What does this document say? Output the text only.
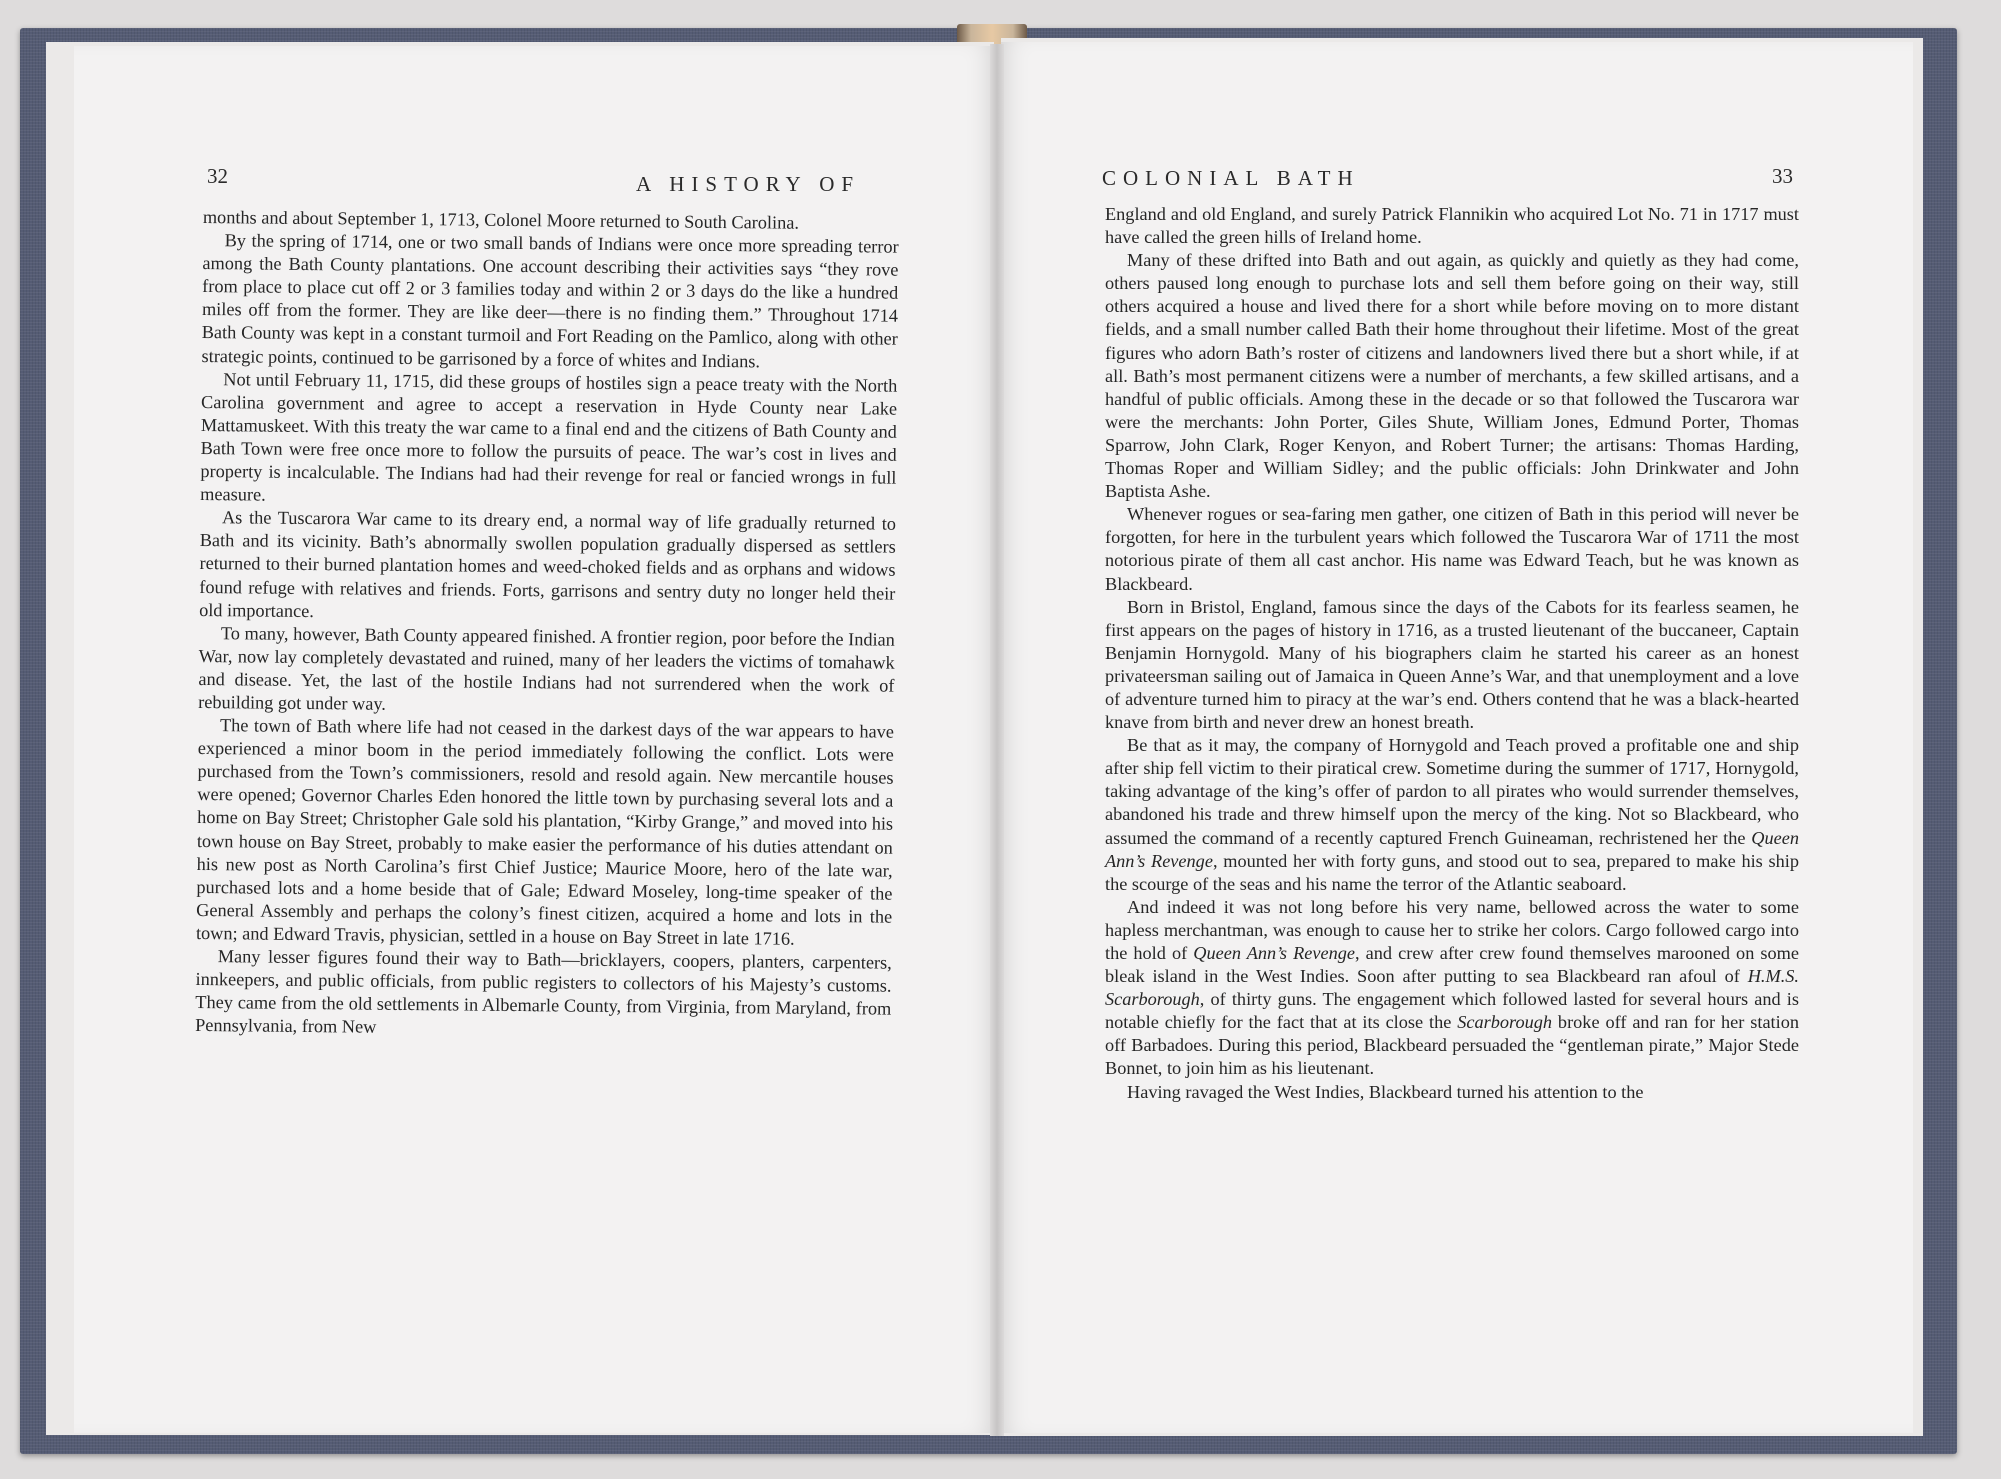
32	A HISTORY OF	COLONIAL BATH	33

months and about September 1, 1713, Colonel Moore returned to South Carolina.

By the spring of 1714, one or two small bands of Indians were once more spreading terror among the Bath County plantations. One account describing their activities says “they rove from place to place cut off 2 or 3 families today and within 2 or 3 days do the like a hundred miles off from the former. They are like deer—there is no finding them.” Throughout 1714 Bath County was kept in a constant turmoil and Fort Reading on the Pamlico, along with other strategic points, continued to be garrisoned by a force of whites and Indians.

Not until February 11, 1715, did these groups of hostiles sign a peace treaty with the North Carolina government and agree to accept a reservation in Hyde County near Lake Mattamuskeet. With this treaty the war came to a final end and the citizens of Bath County and Bath Town were free once more to follow the pursuits of peace. The war’s cost in lives and property is incalculable. The Indians had had their revenge for real or fancied wrongs in full measure.

As the Tuscarora War came to its dreary end, a normal way of life gradually returned to Bath and its vicinity. Bath’s abnormally swollen population gradually dispersed as settlers returned to their burned plantation homes and weed-choked fields and as orphans and widows found refuge with relatives and friends. Forts, garrisons and sentry duty no longer held their old importance.

To many, however, Bath County appeared finished. A frontier region, poor before the Indian War, now lay completely devastated and ruined, many of her leaders the victims of tomahawk and disease. Yet, the last of the hostile Indians had not surrendered when the work of rebuilding got under way.

The town of Bath where life had not ceased in the darkest days of the war appears to have experienced a minor boom in the period immediately following the conflict. Lots were purchased from the Town’s commissioners, resold and resold again. New mercantile houses were opened; Governor Charles Eden honored the little town by purchasing several lots and a home on Bay Street; Christopher Gale sold his plantation, “Kirby Grange,” and moved into his town house on Bay Street, probably to make easier the performance of his duties attendant on his new post as North Carolina’s first Chief Justice; Maurice Moore, hero of the late war, purchased lots and a home beside that of Gale; Edward Moseley, long-time speaker of the General Assembly and perhaps the colony’s finest citizen, acquired a home and lots in the town; and Edward Travis, physician, settled in a house on Bay Street in late 1716.

Many lesser figures found their way to Bath—bricklayers, coopers, planters, carpenters, innkeepers, and public officials, from public registers to collectors of his Majesty’s customs. They came from the old settlements in Albemarle County, from Virginia, from Maryland, from Pennsylvania, from New

England and old England, and surely Patrick Flannikin who acquired Lot No. 71 in 1717 must have called the green hills of Ireland home.

Many of these drifted into Bath and out again, as quickly and quietly as they had come, others paused long enough to purchase lots and sell them before going on their way, still others acquired a house and lived there for a short while before moving on to more distant fields, and a small number called Bath their home throughout their lifetime. Most of the great figures who adorn Bath’s roster of citizens and landowners lived there but a short while, if at all. Bath’s most permanent citizens were a number of merchants, a few skilled artisans, and a handful of public officials. Among these in the decade or so that followed the Tuscarora war were the merchants: John Porter, Giles Shute, William Jones, Edmund Porter, Thomas Sparrow, John Clark, Roger Kenyon, and Robert Turner; the artisans: Thomas Harding, Thomas Roper and William Sidley; and the public officials: John Drinkwater and John Baptista Ashe.

Whenever rogues or sea-faring men gather, one citizen of Bath in this period will never be forgotten, for here in the turbulent years which followed the Tuscarora War of 1711 the most notorious pirate of them all cast anchor. His name was Edward Teach, but he was known as Blackbeard.

Born in Bristol, England, famous since the days of the Cabots for its fearless seamen, he first appears on the pages of history in 1716, as a trusted lieutenant of the buccaneer, Captain Benjamin Hornygold. Many of his biographers claim he started his career as an honest privateersman sailing out of Jamaica in Queen Anne’s War, and that unemployment and a love of adventure turned him to piracy at the war’s end. Others contend that he was a black-hearted knave from birth and never drew an honest breath.

Be that as it may, the company of Hornygold and Teach proved a profitable one and ship after ship fell victim to their piratical crew. Sometime during the summer of 1717, Hornygold, taking advantage of the king’s offer of pardon to all pirates who would surrender themselves, abandoned his trade and threw himself upon the mercy of the king. Not so Blackbeard, who assumed the command of a recently captured French Guineaman, rechristened her the Queen Ann’s Revenge, mounted her with forty guns, and stood out to sea, prepared to make his ship the scourge of the seas and his name the terror of the Atlantic seaboard.

And indeed it was not long before his very name, bellowed across the water to some hapless merchantman, was enough to cause her to strike her colors. Cargo followed cargo into the hold of Queen Ann’s Revenge, and crew after crew found themselves marooned on some bleak island in the West Indies. Soon after putting to sea Blackbeard ran afoul of H.M.S. Scarborough, of thirty guns. The engagement which followed lasted for several hours and is notable chiefly for the fact that at its close the Scarborough broke off and ran for her station off Barbadoes. During this period, Blackbeard persuaded the “gentleman pirate,” Major Stede Bonnet, to join him as his lieutenant.

Having ravaged the West Indies, Blackbeard turned his attention to the
